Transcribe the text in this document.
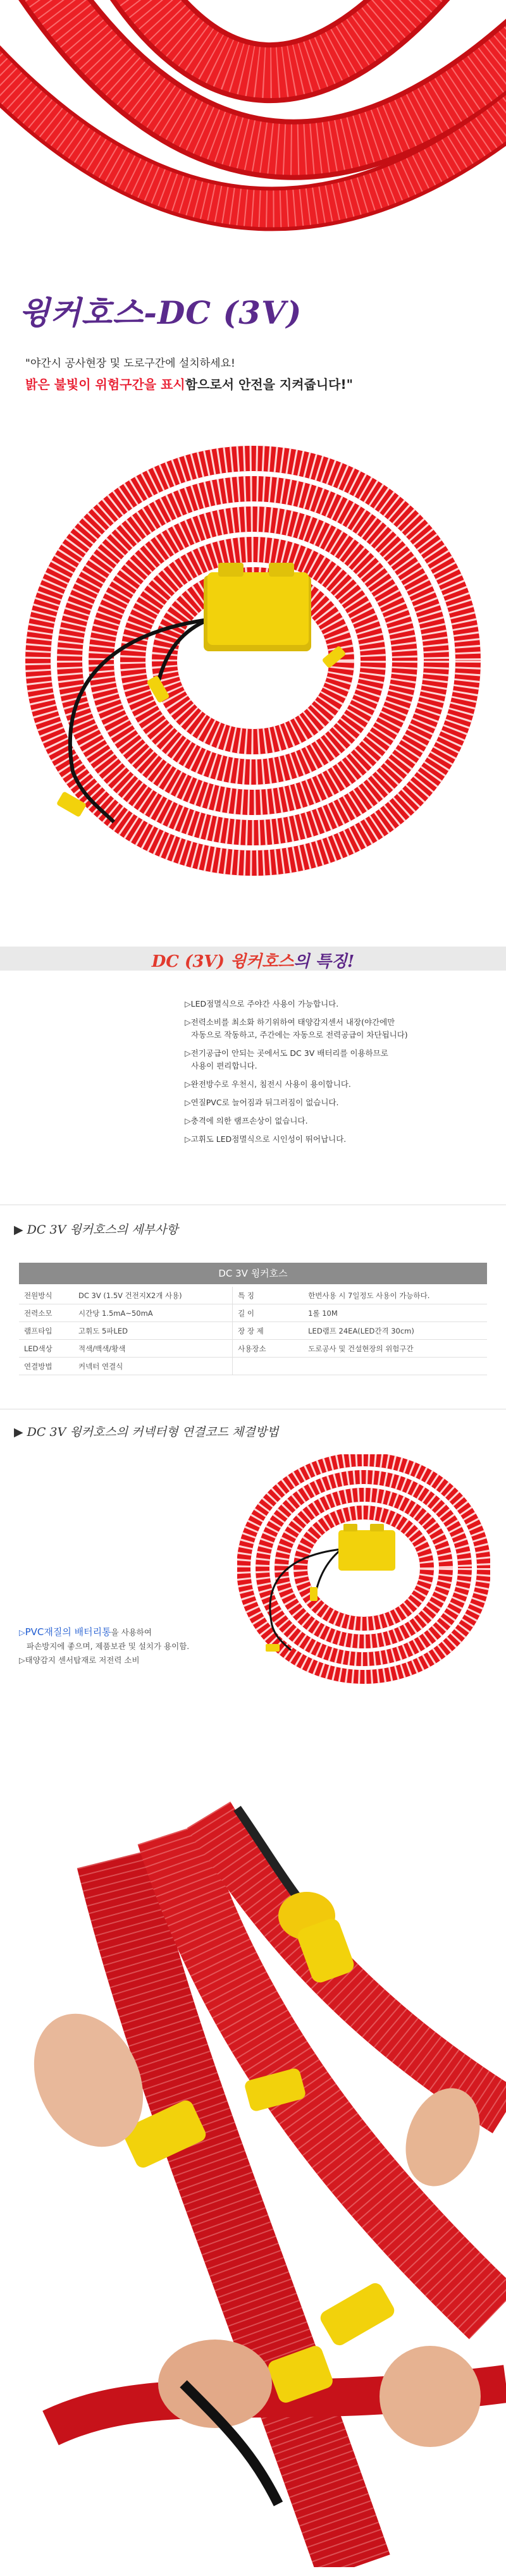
윙커호스-DC (3V)
"야간시 공사현장 및 도로구간에 설치하세요!
밝은 불빛이 위험구간을 표시함으로서 안전을 지켜줍니다!"
DC (3V) 윙커호스의 특징!
▷LED점멸식으로 주야간 사용이 가능합니다.
▷전력소비를 최소화 하기위하여 태양감지센서 내장(야간에만
자동으로 작동하고, 주간에는 자동으로 전력공급이 차단됩니다)
▷전기공급이 안되는 곳에서도 DC 3V 배터리를 이용하므로
사용이 편리합니다.
▷완전방수로 우천시, 침전시 사용이 용이합니다.
▷연질PVC로 늘어짐과 뒤그러짐이 없습니다.
▷충격에 의한 램프손상이 없습니다.
▷고휘도 LED점멸식으로 시인성이 뛰어납니다.
▶ DC 3V 윙커호스의 세부사항
DC 3V 윙커호스
전원방식	DC 3V (1.5V 건전지X2개 사용)	특 징	한번사용 시 7일정도 사용이 가능하다.
전력소모	시간당 1.5mA~50mA	길 이	1롤 10M
램프타입	고휘도 5파LED	장 장 제	LED램프 24EA(LED간격 30cm)
LED색상	적색/백색/황색	사용장소	도로공사 및 건설현장의 위험구간
연결방법	커넥터 연결식		
▶ DC 3V 윙커호스의 커넥터형 연결코드 체결방법
▷PVC재질의 배터리통을 사용하여
파손방지에 좋으며, 제품보관 및 설치가 용이함.
▷태양감지 센서탑재로 저전력 소비
